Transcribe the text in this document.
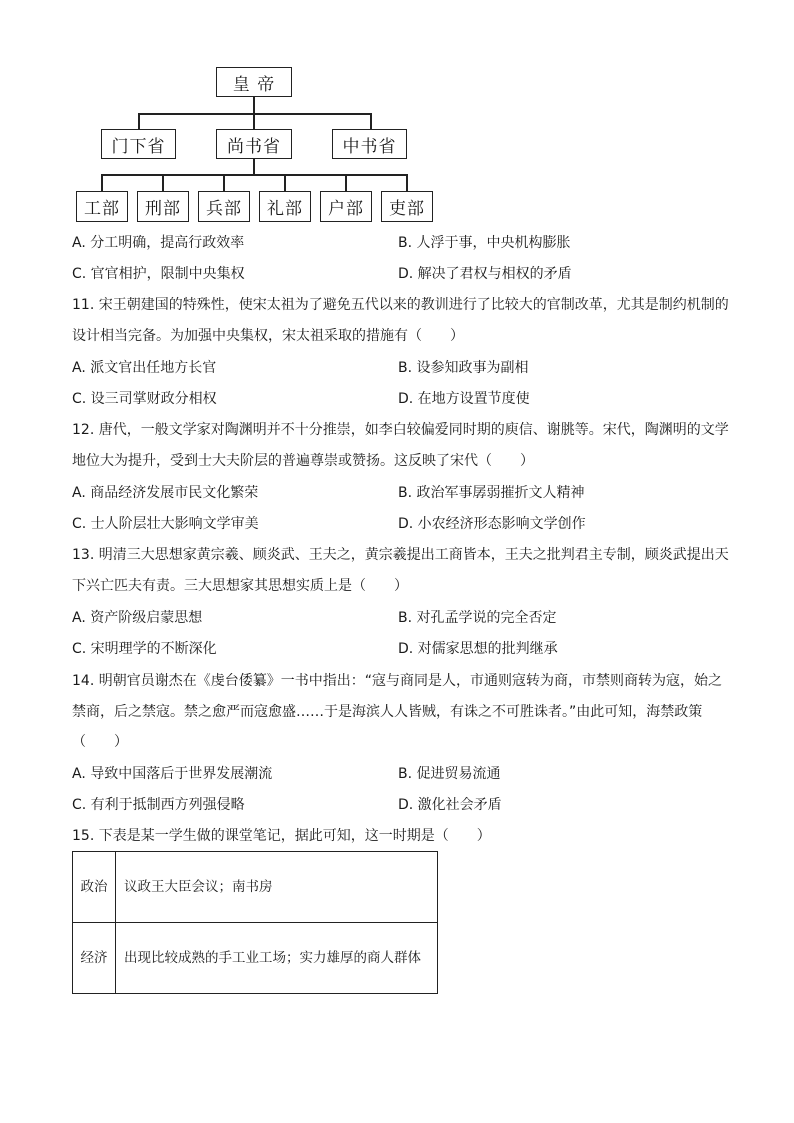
皇 帝
门下省	尚书省	中书省
工部	刑部	兵部	礼部	户部	吏部
A. 分工明确，提高行政效率	B. 人浮于事，中央机构膨胀
C. 官官相护，限制中央集权	D. 解决了君权与相权的矛盾
11. 宋王朝建国的特殊性，使宋太祖为了避免五代以来的教训进行了比较大的官制改革，尤其是制约机制的设计相当完备。为加强中央集权，宋太祖采取的措施有（　　）
A. 派文官出任地方长官	B. 设参知政事为副相
C. 设三司掌财政分相权	D. 在地方设置节度使
12. 唐代，一般文学家对陶渊明并不十分推崇，如李白较偏爱同时期的庾信、谢朓等。宋代，陶渊明的文学地位大为提升，受到士大夫阶层的普遍尊崇或赞扬。这反映了宋代（　　）
A. 商品经济发展市民文化繁荣	B. 政治军事孱弱摧折文人精神
C. 士人阶层壮大影响文学审美	D. 小农经济形态影响文学创作
13. 明清三大思想家黄宗羲、顾炎武、王夫之，黄宗羲提出工商皆本，王夫之批判君主专制，顾炎武提出天下兴亡匹夫有责。三大思想家其思想实质上是（　　）
A. 资产阶级启蒙思想	B. 对孔孟学说的完全否定
C. 宋明理学的不断深化	D. 对儒家思想的批判继承
14. 明朝官员谢杰在《虔台倭纂》一书中指出：“寇与商同是人，市通则寇转为商，市禁则商转为寇，始之禁商，后之禁寇。禁之愈严而寇愈盛……于是海滨人人皆贼，有诛之不可胜诛者。”由此可知，海禁政策（　　）
A. 导致中国落后于世界发展潮流	B. 促进贸易流通
C. 有利于抵制西方列强侵略	D. 激化社会矛盾
15. 下表是某一学生做的课堂笔记，据此可知，这一时期是（　　）
政治	议政王大臣会议；南书房
经济	出现比较成熟的手工业工场；实力雄厚的商人群体
